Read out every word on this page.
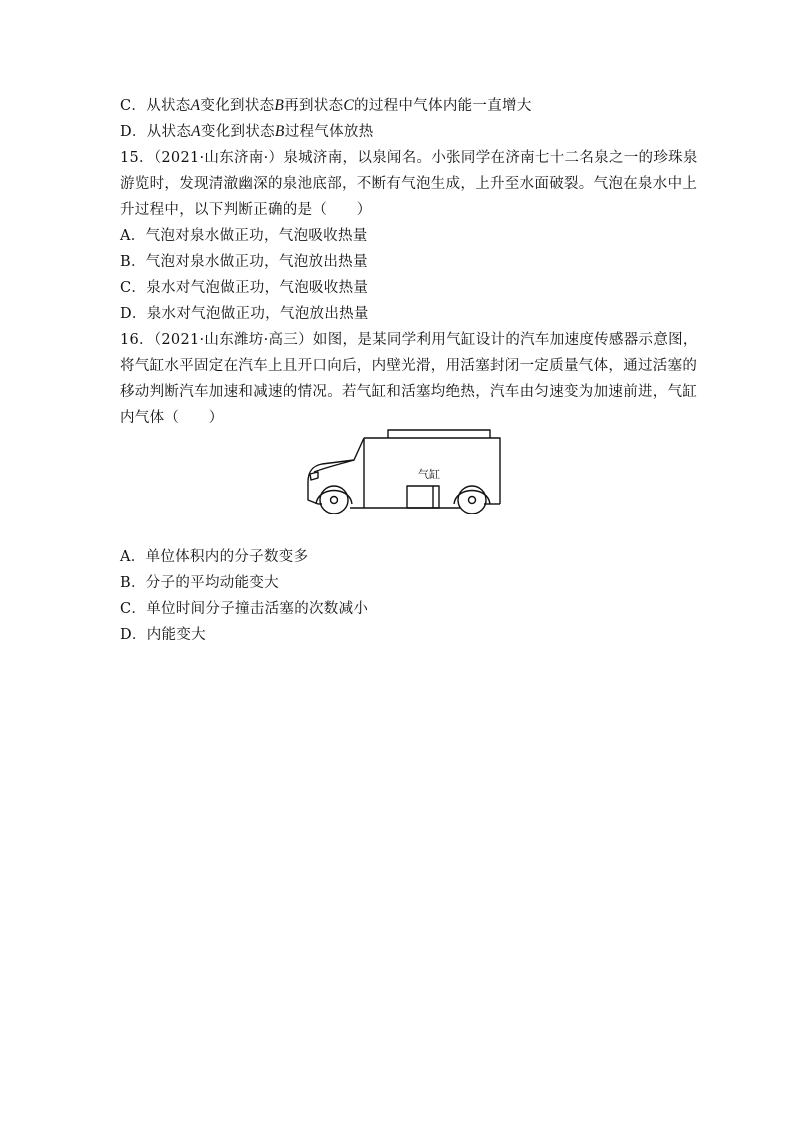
C．从状态A变化到状态B再到状态C的过程中气体内能一直增大
D．从状态A变化到状态B过程气体放热
15．（2021·山东济南·）泉城济南，以泉闻名。小张同学在济南七十二名泉之一的珍珠泉
游览时，发现清澈幽深的泉池底部，不断有气泡生成，上升至水面破裂。气泡在泉水中上
升过程中，以下判断正确的是（　　）
A．气泡对泉水做正功，气泡吸收热量
B．气泡对泉水做正功，气泡放出热量
C．泉水对气泡做正功，气泡吸收热量
D．泉水对气泡做正功，气泡放出热量
16．（2021·山东潍坊·高三）如图，是某同学利用气缸设计的汽车加速度传感器示意图，
将气缸水平固定在汽车上且开口向后，内壁光滑，用活塞封闭一定质量气体，通过活塞的
移动判断汽车加速和减速的情况。若气缸和活塞均绝热，汽车由匀速变为加速前进，气缸
内气体（　　）
气缸
A．单位体积内的分子数变多
B．分子的平均动能变大
C．单位时间分子撞击活塞的次数减小
D．内能变大
